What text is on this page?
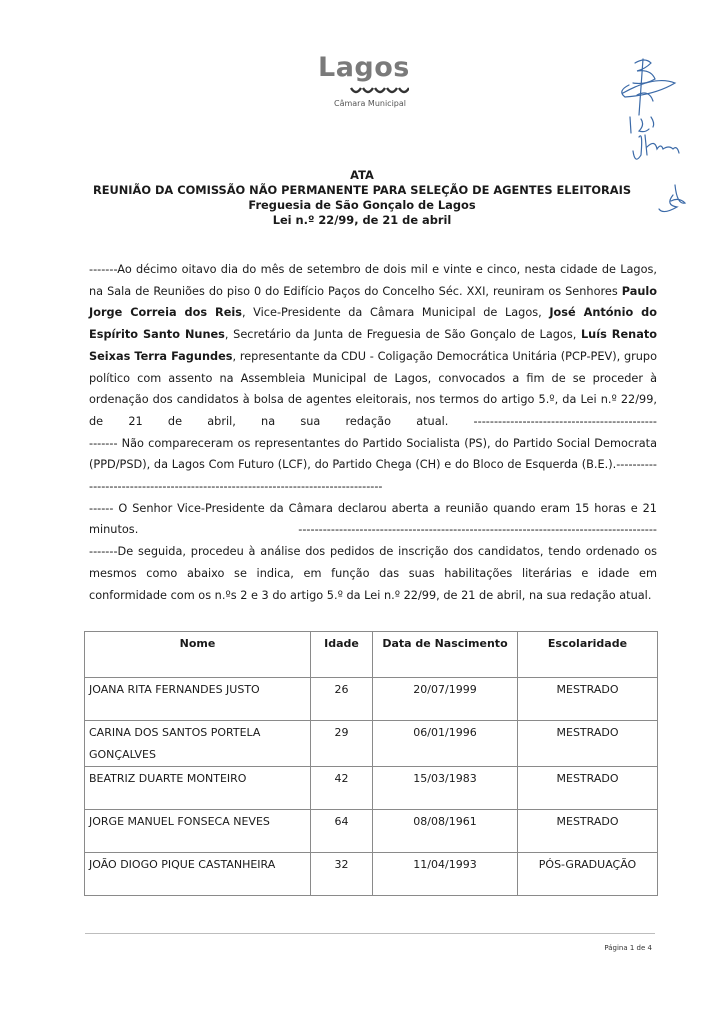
Lagos
Câmara Municipal
ATA
REUNIÃO DA COMISSÃO NÃO PERMANENTE PARA SELEÇÃO DE AGENTES ELEITORAIS
Freguesia de São Gonçalo de Lagos
Lei n.º 22/99, de 21 de abril

-------Ao décimo oitavo dia do mês de setembro de dois mil e vinte e cinco, nesta cidade de Lagos, na Sala de Reuniões do piso 0 do Edifício Paços do Concelho Séc. XXI, reuniram os Senhores Paulo Jorge Correia dos Reis, Vice-Presidente da Câmara Municipal de Lagos, José António do Espírito Santo Nunes, Secretário da Junta de Freguesia de São Gonçalo de Lagos, Luís Renato Seixas Terra Fagundes, representante da CDU - Coligação Democrática Unitária (PCP-PEV), grupo político com assento na Assembleia Municipal de Lagos, convocados a fim de se proceder à ordenação dos candidatos à bolsa de agentes eleitorais, nos termos do artigo 5.º, da Lei n.º 22/99, de 21 de abril, na sua redação atual. ---------------------------------------------

------- Não compareceram os representantes do Partido Socialista (PS), do Partido Social Democrata (PPD/PSD), da Lagos Com Futuro (LCF), do Partido Chega (CH) e do Bloco de Esquerda (B.E.).----------------------------------------------------------------------------------

------ O Senhor Vice-Presidente da Câmara declarou aberta a reunião quando eram 15 horas e 21 minutos. ----------------------------------------------------------------------------------------

-------De seguida, procedeu à análise dos pedidos de inscrição dos candidatos, tendo ordenado os mesmos como abaixo se indica, em função das suas habilitações literárias e idade em conformidade com os n.ºs 2 e 3 do artigo 5.º da Lei n.º 22/99, de 21 de abril, na sua redação atual.

Nome	Idade	Data de Nascimento	Escolaridade
JOANA RITA FERNANDES JUSTO	26	20/07/1999	MESTRADO
CARINA DOS SANTOS PORTELA GONÇALVES	29	06/01/1996	MESTRADO
BEATRIZ DUARTE MONTEIRO	42	15/03/1983	MESTRADO
JORGE MANUEL FONSECA NEVES	64	08/08/1961	MESTRADO
JOÃO DIOGO PIQUE CASTANHEIRA	32	11/04/1993	PÓS-GRADUAÇÃO
Página 1 de 4
